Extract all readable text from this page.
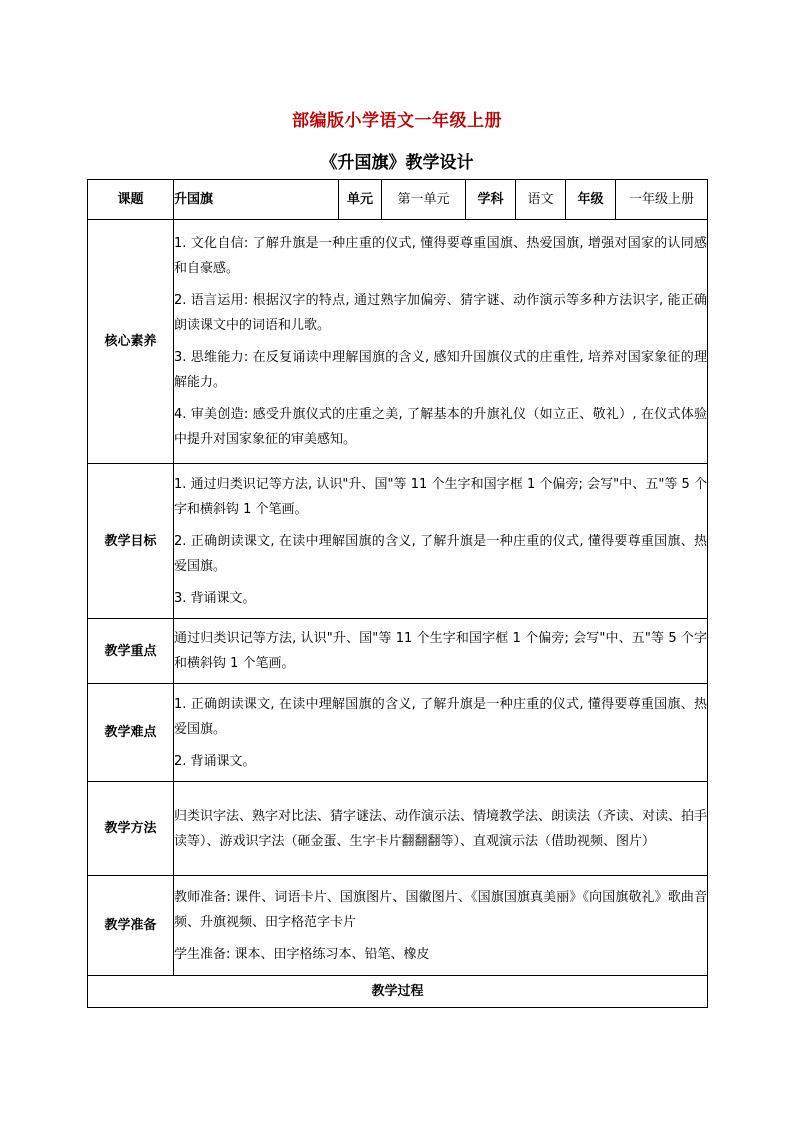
部编版小学语文一年级上册
《升国旗》教学设计
课题	升国旗	单元	第一单元	学科	语文	年级	一年级上册
核心素养	1. 文化自信: 了解升旗是一种庄重的仪式, 懂得要尊重国旗、热爱国旗, 增强对国家的认同感和自豪感。

2. 语言运用: 根据汉字的特点, 通过熟字加偏旁、猜字谜、动作演示等多种方法识字, 能正确朗读课文中的词语和儿歌。

3. 思维能力: 在反复诵读中理解国旗的含义, 感知升国旗仪式的庄重性, 培养对国家象征的理解能力。

4. 审美创造: 感受升旗仪式的庄重之美, 了解基本的升旗礼仪（如立正、敬礼）, 在仪式体验中提升对国家象征的审美感知。						

教学目标	1. 通过归类识记等方法, 认识"升、国"等 11 个生字和国字框 1 个偏旁; 会写"中、五"等 5 个字和横斜钩 1 个笔画。

2. 正确朗读课文, 在读中理解国旗的含义, 了解升旗是一种庄重的仪式, 懂得要尊重国旗、热爱国旗。

3. 背诵课文。						

教学重点	通过归类识记等方法, 认识"升、国"等 11 个生字和国字框 1 个偏旁; 会写"中、五"等 5 个字和横斜钩 1 个笔画。						

教学难点	1. 正确朗读课文, 在读中理解国旗的含义, 了解升旗是一种庄重的仪式, 懂得要尊重国旗、热爱国旗。

2. 背诵课文。						

教学方法	归类识字法、熟字对比法、猜字谜法、动作演示法、情境教学法、朗读法（齐读、对读、拍手读等）、游戏识字法（砸金蛋、生字卡片翻翻翻等）、直观演示法（借助视频、图片）						

教学准备	教师准备: 课件、词语卡片、国旗图片、国徽图片、《国旗国旗真美丽》《向国旗敬礼》歌曲音频、升旗视频、田字格范字卡片

学生准备: 课本、田字格练习本、铅笔、橡皮						

教学过程							
